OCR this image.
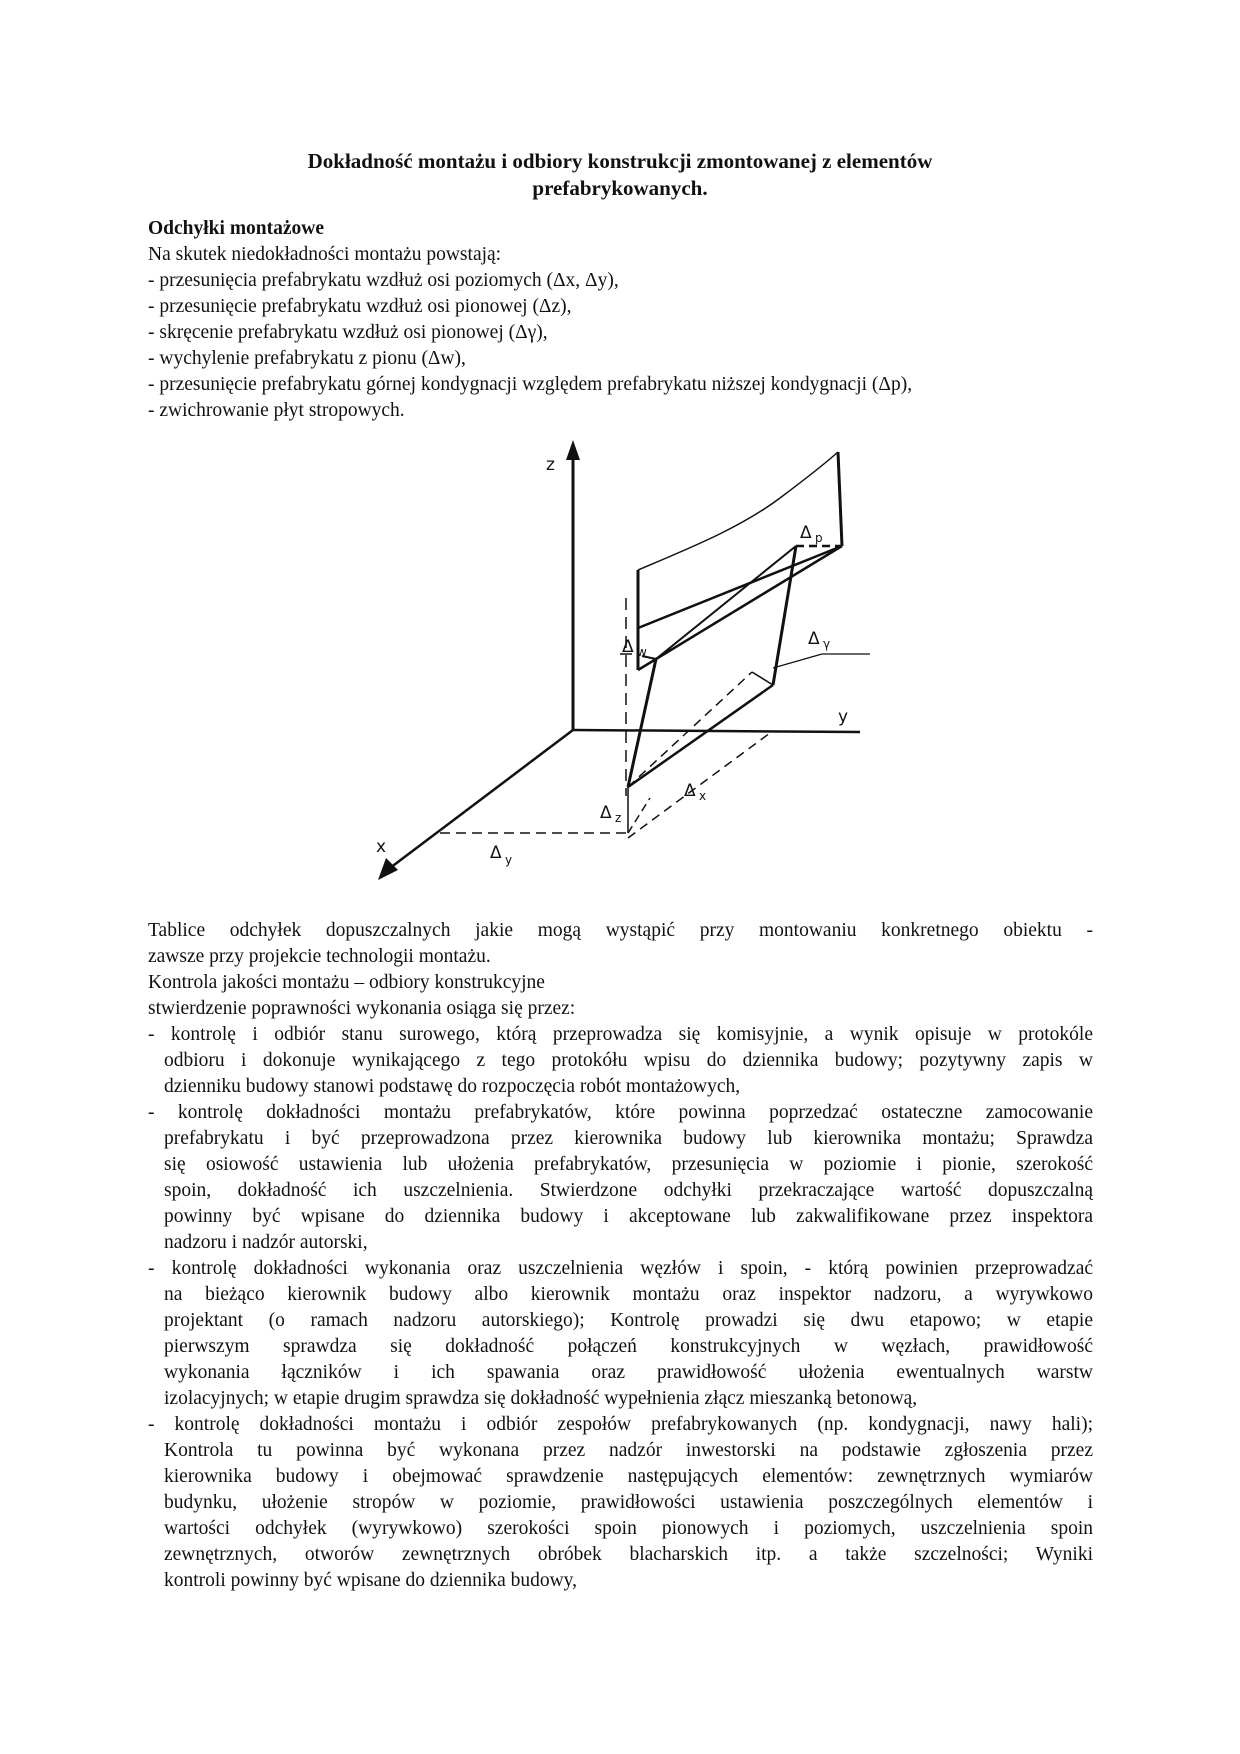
Dokładność montażu i odbiory konstrukcji zmontowanej z elementów
prefabrykowanych.
Odchyłki montażowe
Na skutek niedokładności montażu powstają:
- przesunięcia prefabrykatu wzdłuż osi poziomych (Δx, Δy),
- przesunięcie prefabrykatu wzdłuż osi pionowej (Δz),
- skręcenie prefabrykatu wzdłuż osi pionowej (Δγ),
- wychylenie prefabrykatu z pionu (Δw),
- przesunięcie prefabrykatu górnej kondygnacji względem prefabrykatu niższej kondygnacji (Δp),
- zwichrowanie płyt stropowych.
z
y
x
Δ p
Δ γ
Δ w
Δ x
Δ z
Δ y
Tablice odchyłek dopuszczalnych jakie mogą wystąpić przy montowaniu konkretnego obiektu -
zawsze przy projekcie technologii montażu.
Kontrola jakości montażu – odbiory konstrukcyjne
stwierdzenie poprawności wykonania osiąga się przez:
- kontrolę i odbiór stanu surowego, którą przeprowadza się komisyjnie, a wynik opisuje w protokóle
odbioru i dokonuje wynikającego z tego protokółu wpisu do dziennika budowy; pozytywny zapis w
dzienniku budowy stanowi podstawę do rozpoczęcia robót montażowych,
- kontrolę dokładności montażu prefabrykatów, które powinna poprzedzać ostateczne zamocowanie
prefabrykatu i być przeprowadzona przez kierownika budowy lub kierownika montażu; Sprawdza
się osiowość ustawienia lub ułożenia prefabrykatów, przesunięcia w poziomie i pionie, szerokość
spoin, dokładność ich uszczelnienia. Stwierdzone odchyłki przekraczające wartość dopuszczalną
powinny być wpisane do dziennika budowy i akceptowane lub zakwalifikowane przez inspektora
nadzoru i nadzór autorski,
- kontrolę dokładności wykonania oraz uszczelnienia węzłów i spoin, - którą powinien przeprowadzać
na bieżąco kierownik budowy albo kierownik montażu oraz inspektor nadzoru, a wyrywkowo
projektant (o ramach nadzoru autorskiego); Kontrolę prowadzi się dwu etapowo; w etapie
pierwszym sprawdza się dokładność połączeń konstrukcyjnych w węzłach, prawidłowość
wykonania łączników i ich spawania oraz prawidłowość ułożenia ewentualnych warstw
izolacyjnych; w etapie drugim sprawdza się dokładność wypełnienia złącz mieszanką betonową,
- kontrolę dokładności montażu i odbiór zespołów prefabrykowanych (np. kondygnacji, nawy hali);
Kontrola tu powinna być wykonana przez nadzór inwestorski na podstawie zgłoszenia przez
kierownika budowy i obejmować sprawdzenie następujących elementów: zewnętrznych wymiarów
budynku, ułożenie stropów w poziomie, prawidłowości ustawienia poszczególnych elementów i
wartości odchyłek (wyrywkowo) szerokości spoin pionowych i poziomych, uszczelnienia spoin
zewnętrznych, otworów zewnętrznych obróbek blacharskich itp. a także szczelności; Wyniki
kontroli powinny być wpisane do dziennika budowy,
